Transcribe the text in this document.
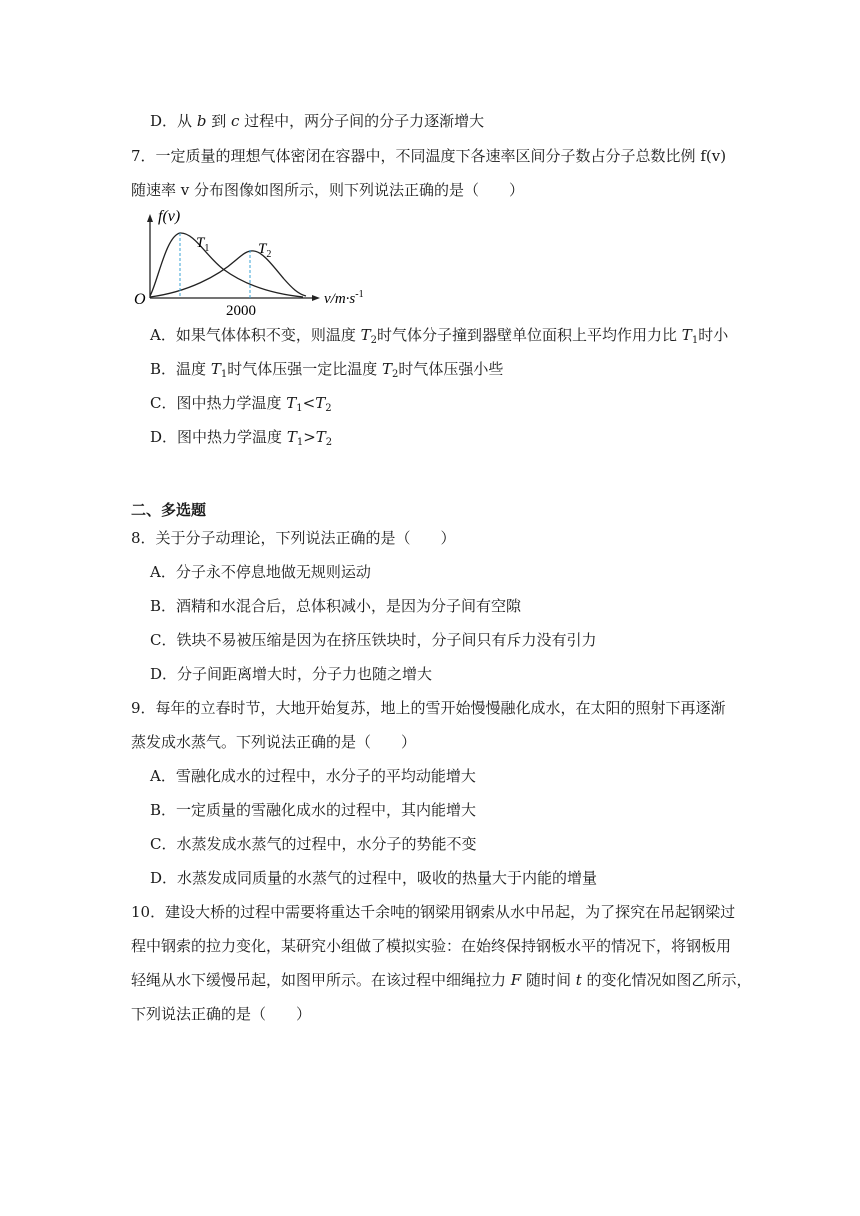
D．从 b 到 c 过程中，两分子间的分子力逐渐增大
7．一定质量的理想气体密闭在容器中，不同温度下各速率区间分子数占分子总数比例 f(v)
随速率 v 分布图像如图所示，则下列说法正确的是（　　）
f(v)
$T_1$	$T_2$
O
2000
$v/m\cdot s^{-1}$
A．如果气体体积不变，则温度 $T_2$时气体分子撞到器壁单位面积上平均作用力比 $T_1$时小
B．温度 $T_1$时气体压强一定比温度 $T_2$时气体压强小些
C．图中热力学温度 $T_1<T_2$
D．图中热力学温度 $T_1>T_2$
二、多选题
8．关于分子动理论，下列说法正确的是（　　）
A．分子永不停息地做无规则运动
B．酒精和水混合后，总体积减小，是因为分子间有空隙
C．铁块不易被压缩是因为在挤压铁块时，分子间只有斥力没有引力
D．分子间距离增大时，分子力也随之增大
9．每年的立春时节，大地开始复苏，地上的雪开始慢慢融化成水，在太阳的照射下再逐渐
蒸发成水蒸气。下列说法正确的是（　　）
A．雪融化成水的过程中，水分子的平均动能增大
B．一定质量的雪融化成水的过程中，其内能增大
C．水蒸发成水蒸气的过程中，水分子的势能不变
D．水蒸发成同质量的水蒸气的过程中，吸收的热量大于内能的增量
10．建设大桥的过程中需要将重达千余吨的钢梁用钢索从水中吊起，为了探究在吊起钢梁过
程中钢索的拉力变化，某研究小组做了模拟实验：在始终保持钢板水平的情况下，将钢板用
轻绳从水下缓慢吊起，如图甲所示。在该过程中细绳拉力 F 随时间 t 的变化情况如图乙所示，
下列说法正确的是（　　）
